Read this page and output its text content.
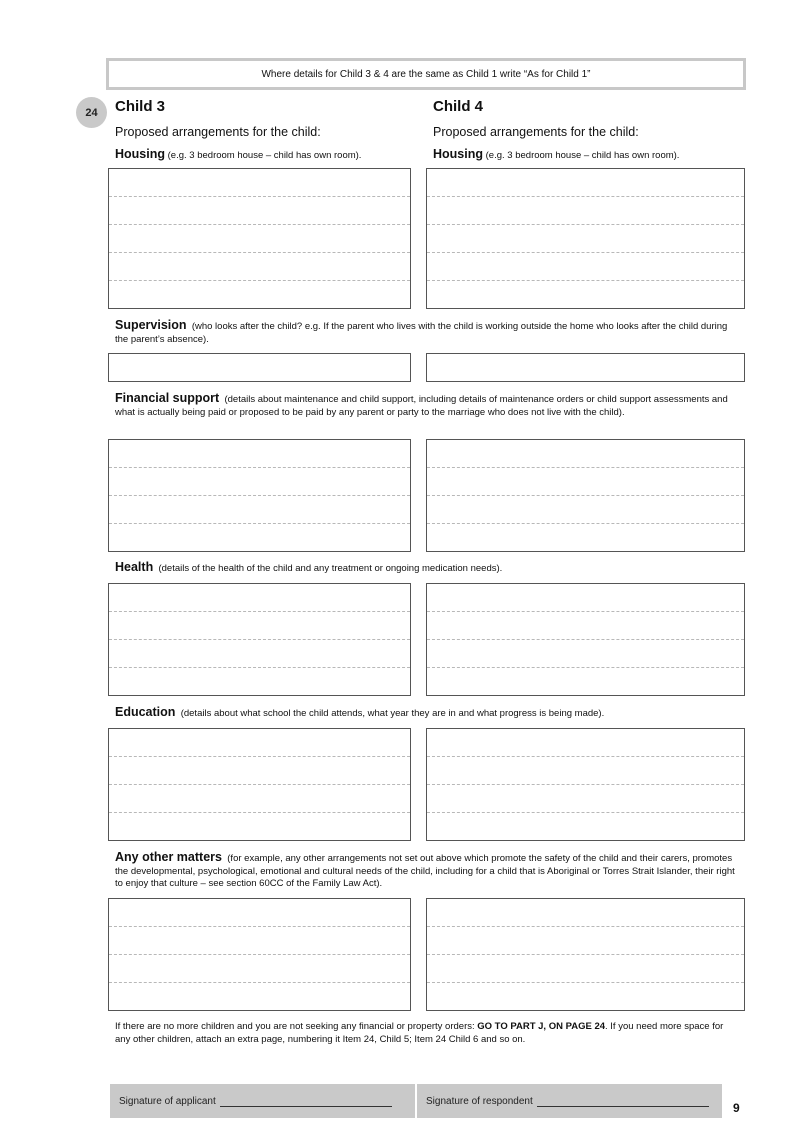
Where details for Child 3 & 4 are the same as Child 1 write “As for Child 1”
24	Child 3	Child 4
Proposed arrangements for the child:	Proposed arrangements for the child:
Housing (e.g. 3 bedroom house – child has own room).	Housing (e.g. 3 bedroom house – child has own room).
Supervision (who looks after the child? e.g. If the parent who lives with the child is working outside the home who looks after the child during the parent’s absence).
Financial support (details about maintenance and child support, including details of maintenance orders or child support assessments and what is actually being paid or proposed to be paid by any parent or party to the marriage who does not live with the child).
Health (details of the health of the child and any treatment or ongoing medication needs).
Education (details about what school the child attends, what year they are in and what progress is being made).
Any other matters (for example, any other arrangements not set out above which promote the safety of the child and their carers, promotes the developmental, psychological, emotional and cultural needs of the child, including for a child that is Aboriginal or Torres Strait Islander, their right to enjoy that culture – see section 60CC of the Family Law Act).
If there are no more children and you are not seeking any financial or property orders: GO TO PART J, ON PAGE 24. If you need more space for any other children, attach an extra page, numbering it Item 24, Child 5; Item 24 Child 6 and so on.
Signature of applicant	Signature of respondent	9
